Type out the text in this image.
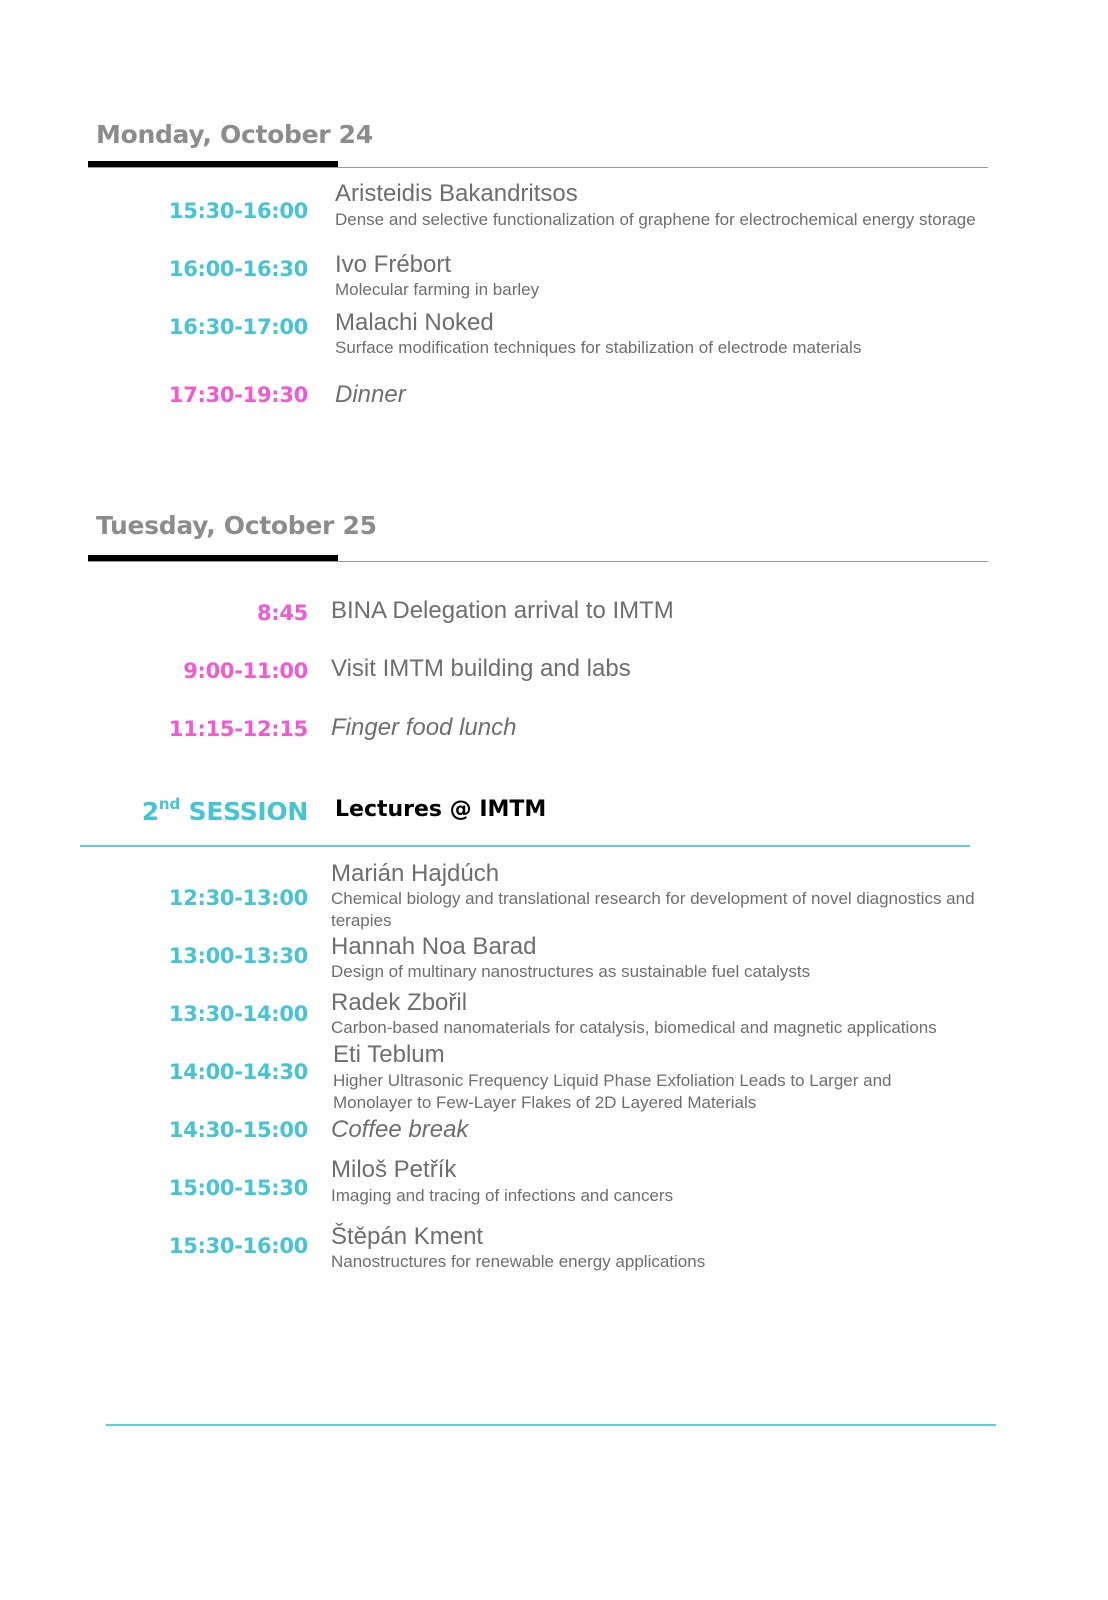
Monday, October 24
15:30-16:00
Aristeidis Bakandritsos
Dense and selective functionalization of graphene for electrochemical energy storage
16:00-16:30 Ivo Frébort
Molecular farming in barley
16:30-17:00 Malachi Noked
Surface modification techniques for stabilization of electrode materials
17:30-19:30 Dinner
Tuesday, October 25
8:45 BINA Delegation arrival to IMTM
9:00-11:00 Visit IMTM building and labs
11:15-12:15 Finger food lunch
2nd SESSION Lectures @ IMTM
12:30-13:00
Marián Hajdúch
Chemical biology and translational research for development of novel diagnostics and terapies
13:00-13:30 Hannah Noa Barad
Design of multinary nanostructures as sustainable fuel catalysts
13:30-14:00 Radek Zbořil
Carbon-based nanomaterials for catalysis, biomedical and magnetic applications
14:00-14:30
Eti Teblum
Higher Ultrasonic Frequency Liquid Phase Exfoliation Leads to Larger and Monolayer to Few-Layer Flakes of 2D Layered Materials
14:30-15:00 Coffee break
15:00-15:30
Miloš Petřík
Imaging and tracing of infections and cancers
15:30-16:00 Štěpán Kment
Nanostructures for renewable energy applications
